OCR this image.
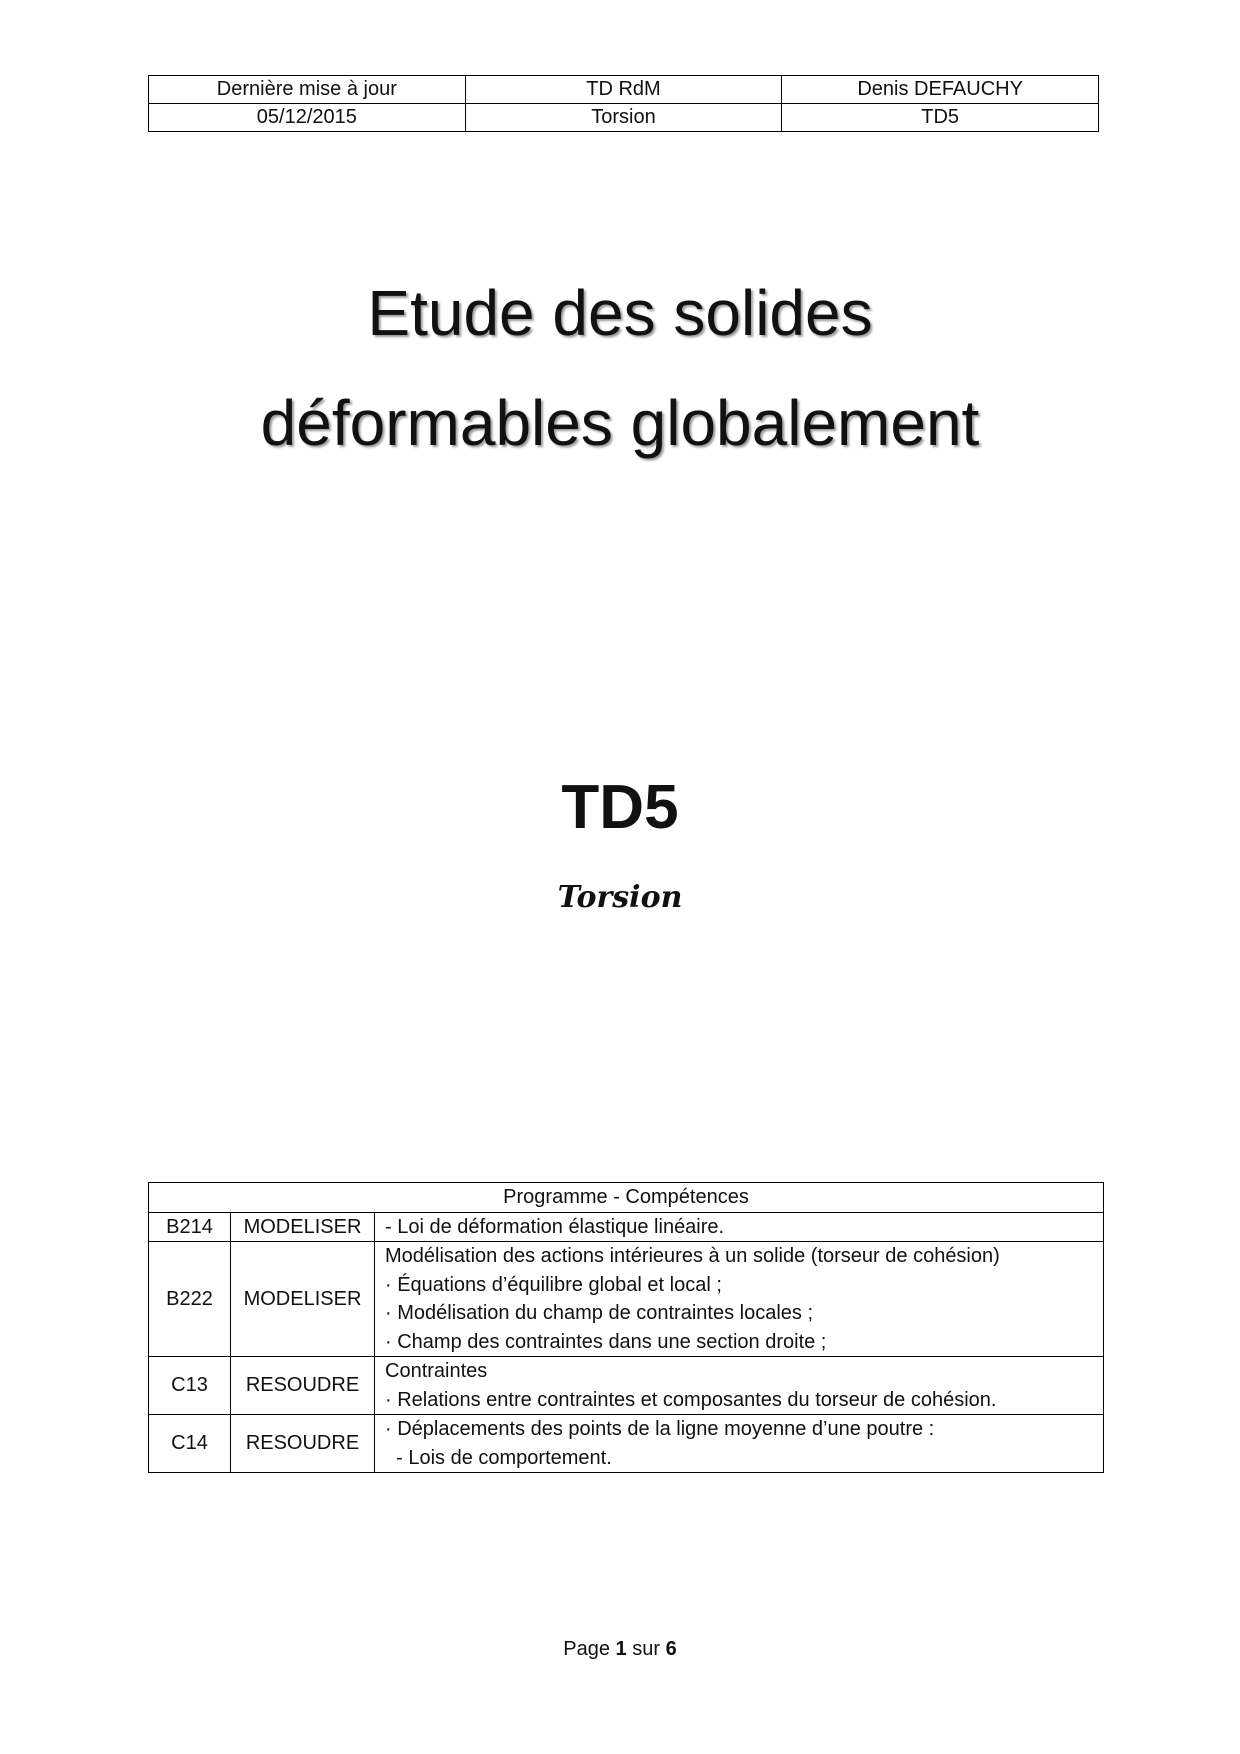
Dernière mise à jour	TD RdM	Denis DEFAUCHY
05/12/2015	Torsion	TD5
Etude des solides
déformables globalement
TD5
Torsion
Programme - Compétences		
B214	MODELISER	- Loi de déformation élastique linéaire.

B222	MODELISER	Modélisation des actions intérieures à un solide (torseur de cohésion)
· Équations d’équilibre global et local ;
· Modélisation du champ de contraintes locales ;
· Champ des contraintes dans une section droite ;

C13	RESOUDRE	Contraintes
· Relations entre contraintes et composantes du torseur de cohésion.

C14	RESOUDRE	· Déplacements des points de la ligne moyenne d’une poutre :
- Lois de comportement.
Page 1 sur 6
